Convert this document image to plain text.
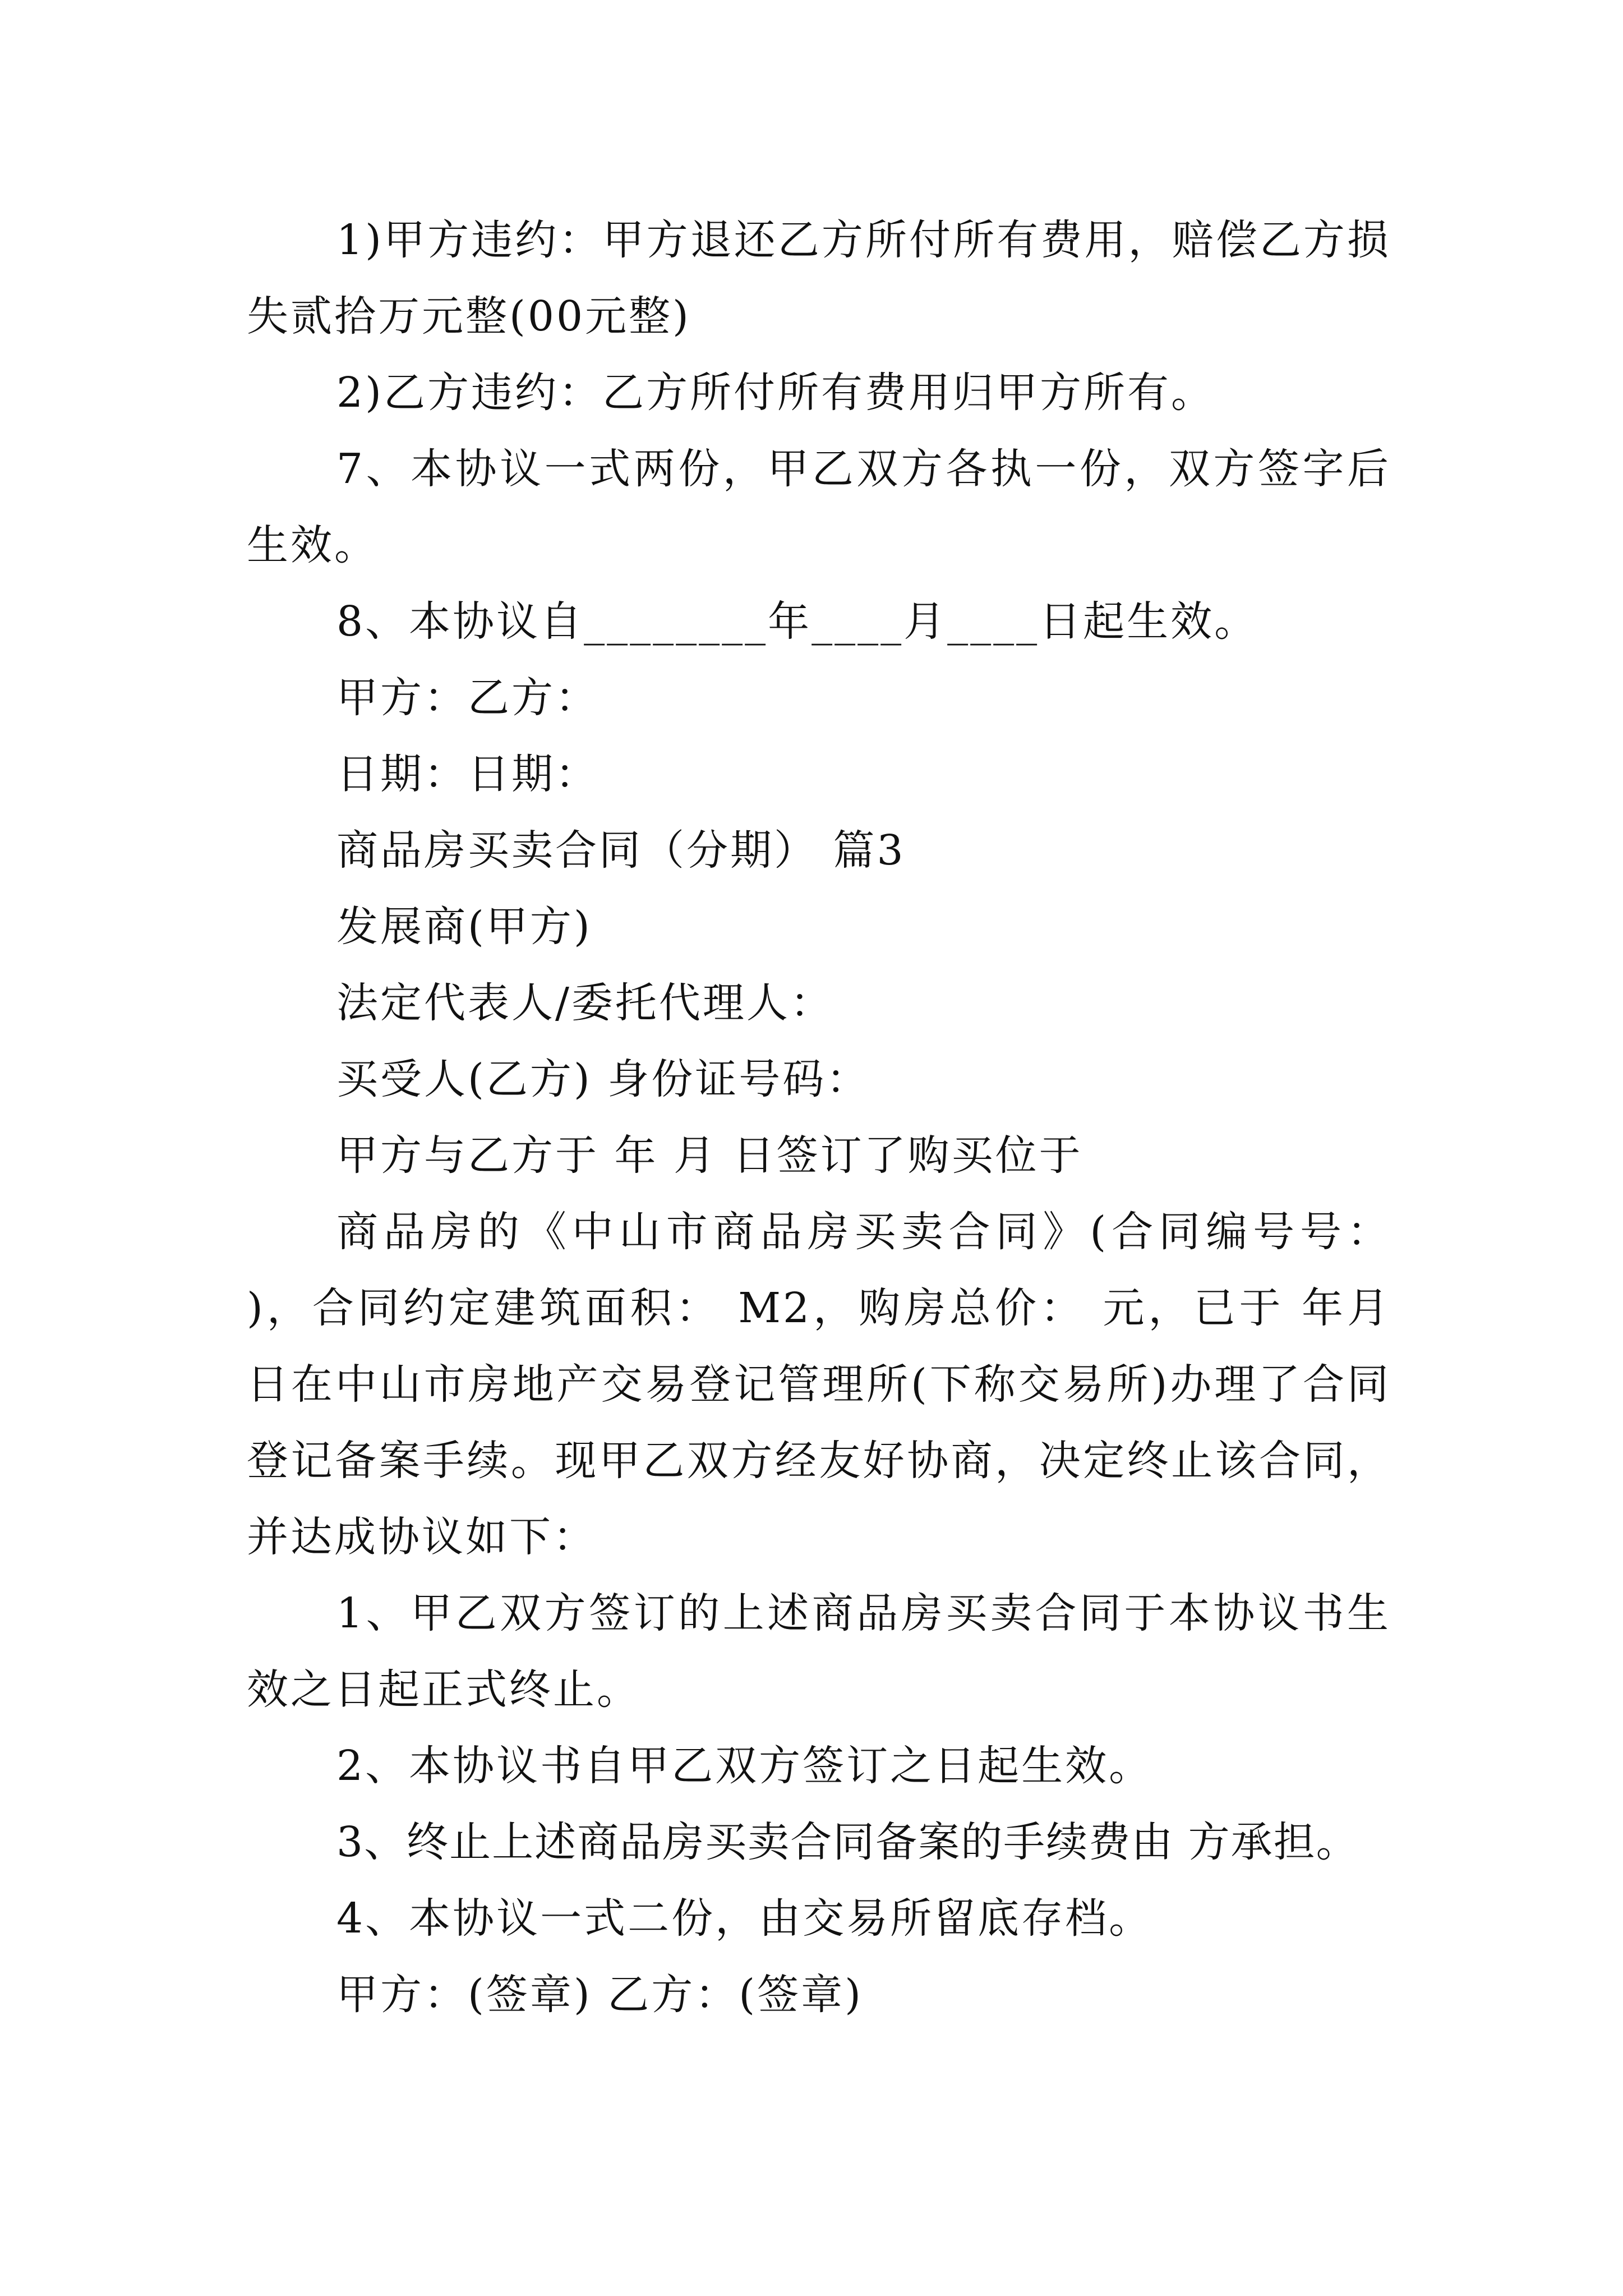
1)甲方违约：甲方退还乙方所付所有费用，赔偿乙方损失贰拾万元整(00元整)

2)乙方违约：乙方所付所有费用归甲方所有。

7、本协议一式两份，甲乙双方各执一份，双方签字后生效。

8、本协议自________年____月____日起生效。

甲方：乙方：

日期：日期：

商品房买卖合同（分期） 篇3

发展商(甲方)

法定代表人/委托代理人：

买受人(乙方) 身份证号码：

甲方与乙方于 年 月 日签订了购买位于

商品房的《中山市商品房买卖合同》(合同编号号： )，合同约定建筑面积： M2，购房总价： 元，已于 年月日在中山市房地产交易登记管理所(下称交易所)办理了合同登记备案手续。现甲乙双方经友好协商，决定终止该合同，并达成协议如下：

1、甲乙双方签订的上述商品房买卖合同于本协议书生效之日起正式终止。

2、本协议书自甲乙双方签订之日起生效。

3、终止上述商品房买卖合同备案的手续费由 方承担。

4、本协议一式二份，由交易所留底存档。

甲方：(签章) 乙方：(签章)
